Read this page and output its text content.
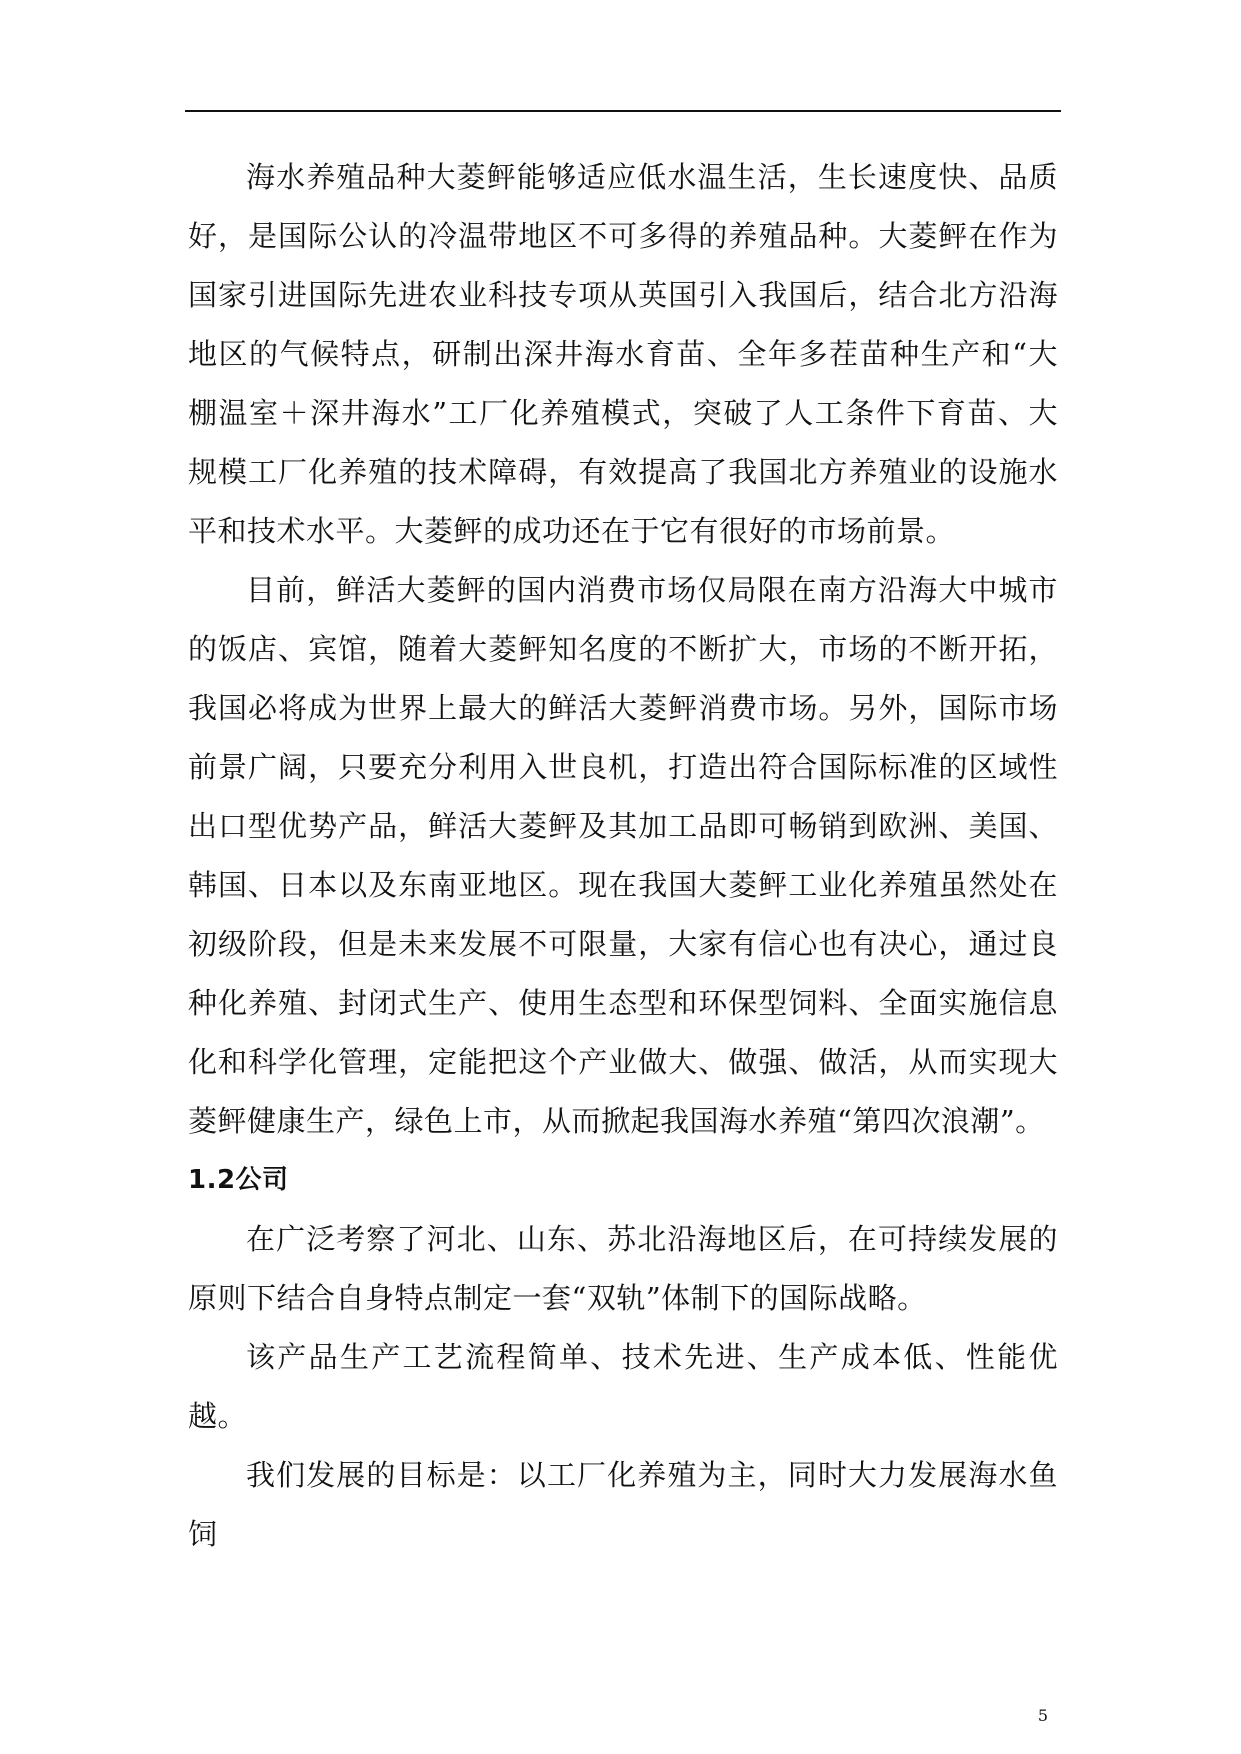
海水养殖品种大菱鲆能够适应低水温生活，生长速度快、品质好，是国际公认的冷温带地区不可多得的养殖品种。大菱鲆在作为国家引进国际先进农业科技专项从英国引入我国后，结合北方沿海地区的气候特点，研制出深井海水育苗、全年多茬苗种生产和“大棚温室＋深井海水”工厂化养殖模式，突破了人工条件下育苗、大规模工厂化养殖的技术障碍，有效提高了我国北方养殖业的设施水平和技术水平。大菱鲆的成功还在于它有很好的市场前景。

目前，鲜活大菱鲆的国内消费市场仅局限在南方沿海大中城市的饭店、宾馆，随着大菱鲆知名度的不断扩大，市场的不断开拓，我国必将成为世界上最大的鲜活大菱鲆消费市场。另外，国际市场前景广阔，只要充分利用入世良机，打造出符合国际标准的区域性出口型优势产品，鲜活大菱鲆及其加工品即可畅销到欧洲、美国、韩国、日本以及东南亚地区。现在我国大菱鲆工业化养殖虽然处在初级阶段，但是未来发展不可限量，大家有信心也有决心，通过良种化养殖、封闭式生产、使用生态型和环保型饲料、全面实施信息化和科学化管理，定能把这个产业做大、做强、做活，从而实现大菱鲆健康生产，绿色上市，从而掀起我国海水养殖“第四次浪潮”。

1.2公司

在广泛考察了河北、山东、苏北沿海地区后，在可持续发展的原则下结合自身特点制定一套“双轨”体制下的国际战略。

该产品生产工艺流程简单、技术先进、生产成本低、性能优越。

我们发展的目标是：以工厂化养殖为主，同时大力发展海水鱼饲

5
